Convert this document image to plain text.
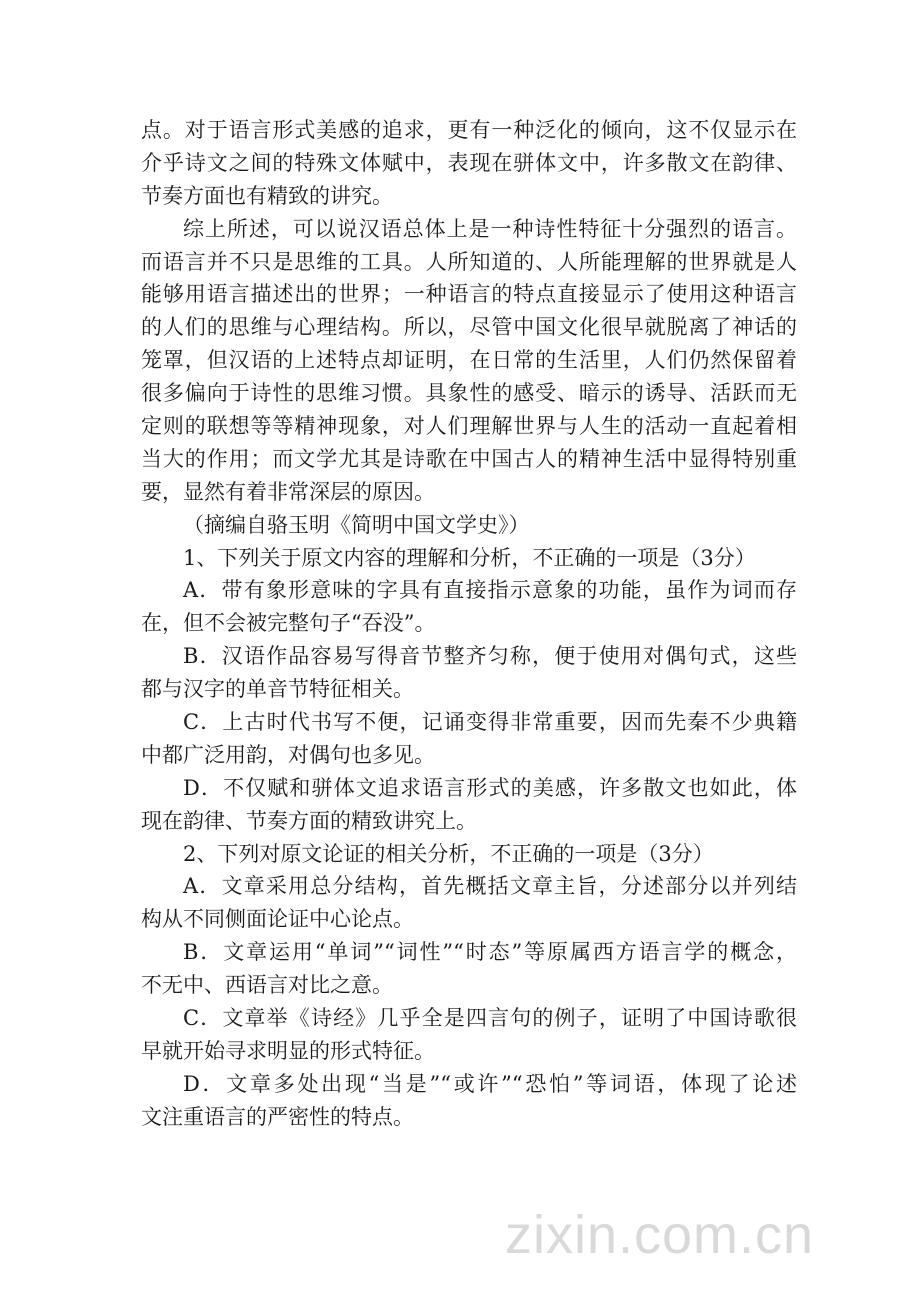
点。对于语言形式美感的追求，更有一种泛化的倾向，这不仅显示在
介乎诗文之间的特殊文体赋中，表现在骈体文中，许多散文在韵律、
节奏方面也有精致的讲究。
综上所述，可以说汉语总体上是一种诗性特征十分强烈的语言。
而语言并不只是思维的工具。人所知道的、人所能理解的世界就是人
能够用语言描述出的世界；一种语言的特点直接显示了使用这种语言
的人们的思维与心理结构。所以，尽管中国文化很早就脱离了神话的
笼罩，但汉语的上述特点却证明，在日常的生活里，人们仍然保留着
很多偏向于诗性的思维习惯。具象性的感受、暗示的诱导、活跃而无
定则的联想等等精神现象，对人们理解世界与人生的活动一直起着相
当大的作用；而文学尤其是诗歌在中国古人的精神生活中显得特别重
要，显然有着非常深层的原因。
（摘编自骆玉明《简明中国文学史》）
1、下列关于原文内容的理解和分析，不正确的一项是（3分）
A．带有象形意味的字具有直接指示意象的功能，虽作为词而存
在，但不会被完整句子“吞没”。
B．汉语作品容易写得音节整齐匀称，便于使用对偶句式，这些
都与汉字的单音节特征相关。
C．上古时代书写不便，记诵变得非常重要，因而先秦不少典籍
中都广泛用韵，对偶句也多见。
D．不仅赋和骈体文追求语言形式的美感，许多散文也如此，体
现在韵律、节奏方面的精致讲究上。
2、下列对原文论证的相关分析，不正确的一项是（3分）
A．文章采用总分结构，首先概括文章主旨，分述部分以并列结
构从不同侧面论证中心论点。
B．文章运用“单词”“词性”“时态”等原属西方语言学的概念，
不无中、西语言对比之意。
C．文章举《诗经》几乎全是四言句的例子，证明了中国诗歌很
早就开始寻求明显的形式特征。
D．文章多处出现“当是”“或许”“恐怕”等词语，体现了论述
文注重语言的严密性的特点。
zixin.com.cn
